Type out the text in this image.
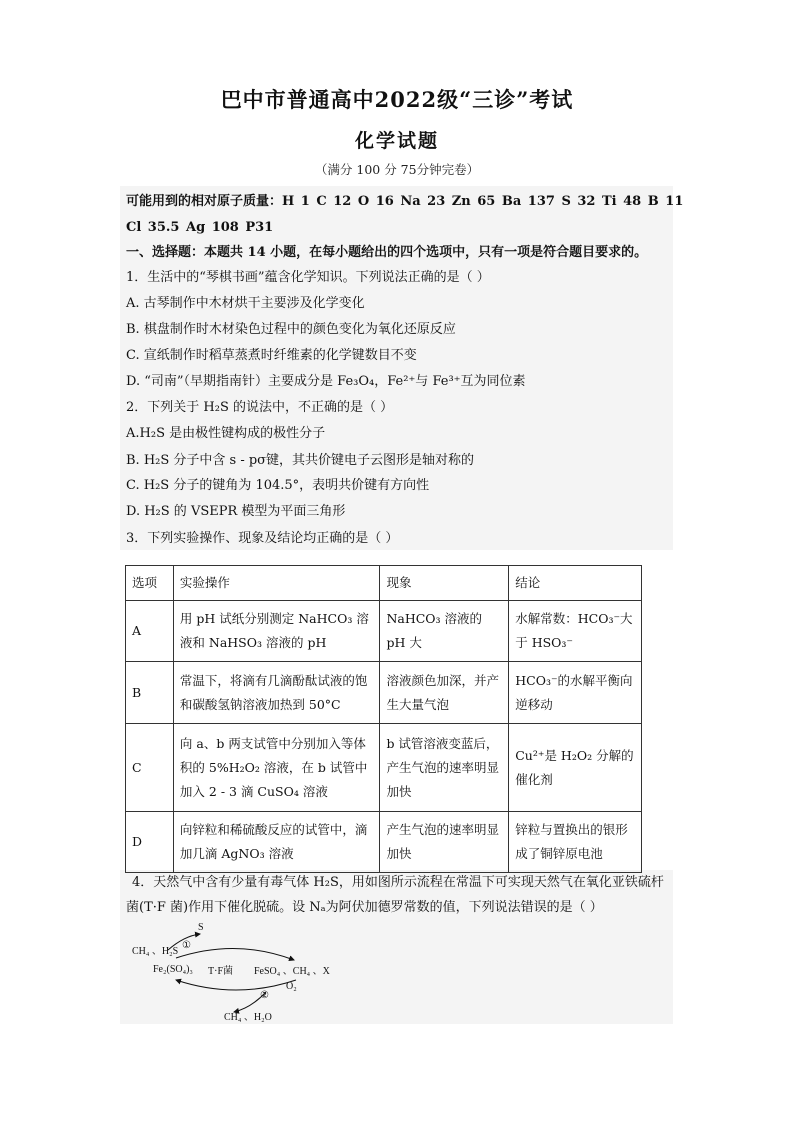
巴中市普通高中2022级“三诊”考试
化学试题
（满分 100 分 75分钟完卷）
可能用到的相对原子质量：H 1 C 12 O 16 Na 23 Zn 65 Ba 137 S 32 Ti 48 B 11
Cl 35.5 Ag 108 P31
一、选择题：本题共 14 小题，在每小题给出的四个选项中，只有一项是符合题目要求的。
1．生活中的“琴棋书画”蕴含化学知识。下列说法正确的是（ ）
A. 古琴制作中木材烘干主要涉及化学变化
B. 棋盘制作时木材染色过程中的颜色变化为氧化还原反应
C. 宣纸制作时稻草蒸煮时纤维素的化学键数目不变
D. “司南”（早期指南针）主要成分是 Fe₃O₄，Fe²⁺与 Fe³⁺互为同位素
2．下列关于 H₂S 的说法中，不正确的是（ ）
A.H₂S 是由极性键构成的极性分子
B. H₂S 分子中含 s - pσ键，其共价键电子云图形是轴对称的
C. H₂S 分子的键角为 104.5°，表明共价键有方向性
D. H₂S 的 VSEPR 模型为平面三角形
3．下列实验操作、现象及结论均正确的是（ ）
选项	实验操作	现象	结论
A	用 pH 试纸分别测定 NaHCO₃ 溶液和 NaHSO₃ 溶液的 pH	NaHCO₃ 溶液的 pH 大	水解常数：HCO₃⁻大于 HSO₃⁻
B	常温下，将滴有几滴酚酞试液的饱和碳酸氢钠溶液加热到 50°C	溶液颜色加深，并产生大量气泡	HCO₃⁻的水解平衡向逆移动
C	向 a、b 两支试管中分别加入等体积的 5%H₂O₂ 溶液，在 b 试管中加入 2 - 3 滴 CuSO₄ 溶液	b 试管溶液变蓝后，产生气泡的速率明显加快	Cu²⁺是 H₂O₂ 分解的催化剂
D	向锌粒和稀硫酸反应的试管中，滴加几滴 AgNO₃ 溶液	产生气泡的速率明显加快	锌粒与置换出的银形成了铜锌原电池
4．天然气中含有少量有毒气体 H₂S，用如图所示流程在常温下可实现天然气在氧化亚铁硫杆
菌(T·F 菌)作用下催化脱硫。设 Nₐ为阿伏加德罗常数的值，下列说法错误的是（ ）
S
①
CH₄ 、H₂S
Fe₂(SO₄)₃ T·F菌 FeSO₄ 、CH₄ 、X
O₂
②
CH₄ 、H₂O
